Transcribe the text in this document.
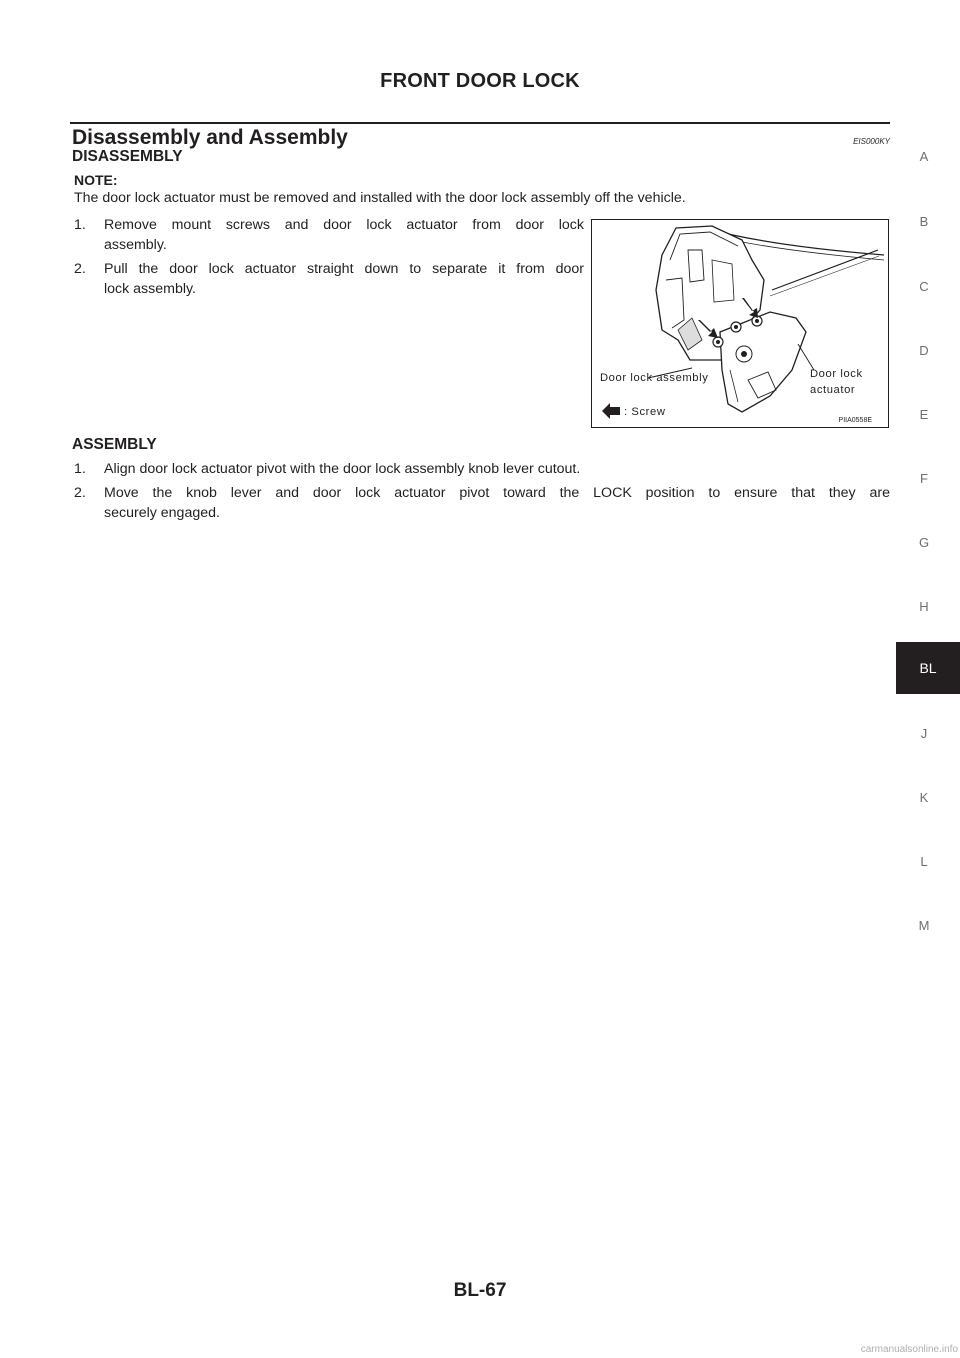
FRONT DOOR LOCK
Disassembly and Assembly	EIS000KY
DISASSEMBLY
NOTE:
The door lock actuator must be removed and installed with the door lock assembly off the vehicle.
1. Remove mount screws and door lock actuator from door lock
assembly.
2. Pull the door lock actuator straight down to separate it from door
lock assembly.
Door lock assembly	Door lock
actuator
: Screw
PIIA0558E
ASSEMBLY
1. Align door lock actuator pivot with the door lock assembly knob lever cutout.
2. Move the knob lever and door lock actuator pivot toward the LOCK position to ensure that they are
securely engaged.
A
B
C
D
E
F
G
H
BL
J
K
L
M
BL-67
carmanualsonline.info
